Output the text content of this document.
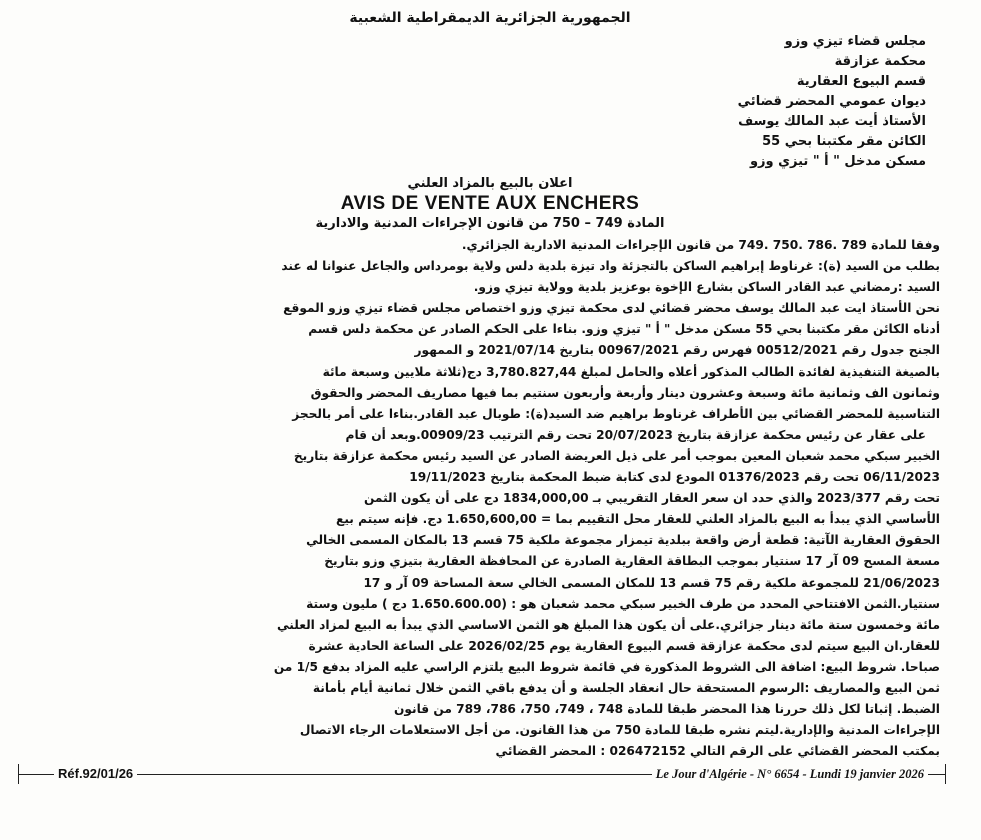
الجمهورية الجزائرية الديمقراطية الشعبية
مجلس قضاء تيزي وزو
محكمة عزازقة
قسم البيوع العقارية
ديوان عمومي المحضر قضائي
الأستاذ أيت عبد المالك يوسف
الكائن مقر مكتبنا بحي 55
مسكن مدخل " أ " تيزي وزو
اعلان بالبيع بالمزاد العلني
AVIS DE VENTE AUX ENCHERS
المادة 749 – 750 من قانون الإجراءات المدنية والادارية
وفقا للمادة 789 .786 .750 .749 من قانون الإجراءات المدنية الادارية الجزائري.
بطلب من السيد (ة): غرناوط إبراهيم الساكن بالتجزئة واد تيزة بلدية دلس ولاية بومرداس والجاعل عنوانا له عند
السيد :رمضاني عبد القادر الساكن بشارع الإخوة بوعزيز بلدية وولاية تيزي وزو.
نحن الأستاذ ايت عبد المالك يوسف محضر قضائي لدى محكمة تيزي وزو اختصاص مجلس قضاء تيزي وزو الموقع
أدناه الكائن مقر مكتبنا بحي 55 مسكن مدخل " أ " تيزي وزو. بناءا على الحكم الصادر عن محكمة دلس قسم
الجنح جدول رقم 00512/2021 فهرس رقم 00967/2021 بتاريخ 2021/07/14 و الممهور
بالصيغة التنفيذية لفائدة الطالب المذكور أعلاه والحامل لمبلغ 3,780.827,44 دج(ثلاثة ملايين وسبعة مائة
وثمانون الف وثمانية مائة وسبعة وعشرون دينار وأربعة وأربعون سنتيم بما فيها مصاريف المحضر والحقوق
التناسبية للمحضر القضائي بين الأطراف غرناوط براهيم ضد السيد(ة): طوبال عبد القادر.بناءا على أمر بالحجز
على عقار عن رئيس محكمة عزازقة بتاريخ 20/07/2023 تحت رقم الترتيب 00909/23.وبعد أن قام
الخبير سبكي محمد شعبان المعين بموجب أمر على ذيل العريضة الصادر عن السيد رئيس محكمة عزازقة بتاريخ
06/11/2023 تحت رقم 01376/2023 المودع لدى كتابة ضبط المحكمة بتاريخ 19/11/2023
تحت رقم 2023/377 والذي حدد ان سعر العقار التقريبي بـ 1834,000,00 دج على أن يكون الثمن
الأساسي الذي يبدأ به البيع بالمزاد العلني للعقار محل التقييم بما = 1.650,600,00 دج. فإنه سيتم بيع
الحقوق العقارية الآتية: قطعة أرض واقعة ببلدية تيمزار مجموعة ملكية 75 قسم 13 بالمكان المسمى الخالي
مسعة المسح 09 آر 17 سنتيار بموجب البطاقة العقارية الصادرة عن المحافظة العقارية بتيزي وزو بتاريخ
21/06/2023 للمجموعة ملكية رقم 75 قسم 13 للمكان المسمى الخالي سعة المساحة 09 آر و 17
سنتيار.الثمن الافتتاحي المحدد من طرف الخبير سبكي محمد شعبان هو : (1.650.600.00 دج ) مليون وستة
مائة وخمسون ستة مائة دينار جزائري.على أن يكون هذا المبلغ هو الثمن الاساسي الذي يبدأ به البيع لمزاد العلني
للعقار.ان البيع سيتم لدى محكمة عزازقة قسم البيوع العقارية يوم 2026/02/25 على الساعة الحادية عشرة
صباحا. شروط البيع: اضافة الى الشروط المذكورة في قائمة شروط البيع يلتزم الراسي عليه المزاد بدفع 1/5 من
ثمن البيع والمصاريف :الرسوم المستحقة حال انعقاد الجلسة و أن يدفع باقي الثمن خلال ثمانية أيام بأمانة
الضبط. إثباتا لكل ذلك حررنا هذا المحضر طبقا للمادة 748 ، 749، 750، 786، 789 من قانون
الإجراءات المدنية والإدارية.ليتم نشره طبقا للمادة 750 من هذا القانون. من أجل الاستعلامات الرجاء الاتصال
بمكتب المحضر القضائي على الرقم التالي 026472152 : المحضر القضائي
Réf.92/01/26	Le Jour d'Algérie - N° 6654 - Lundi 19 janvier 2026
